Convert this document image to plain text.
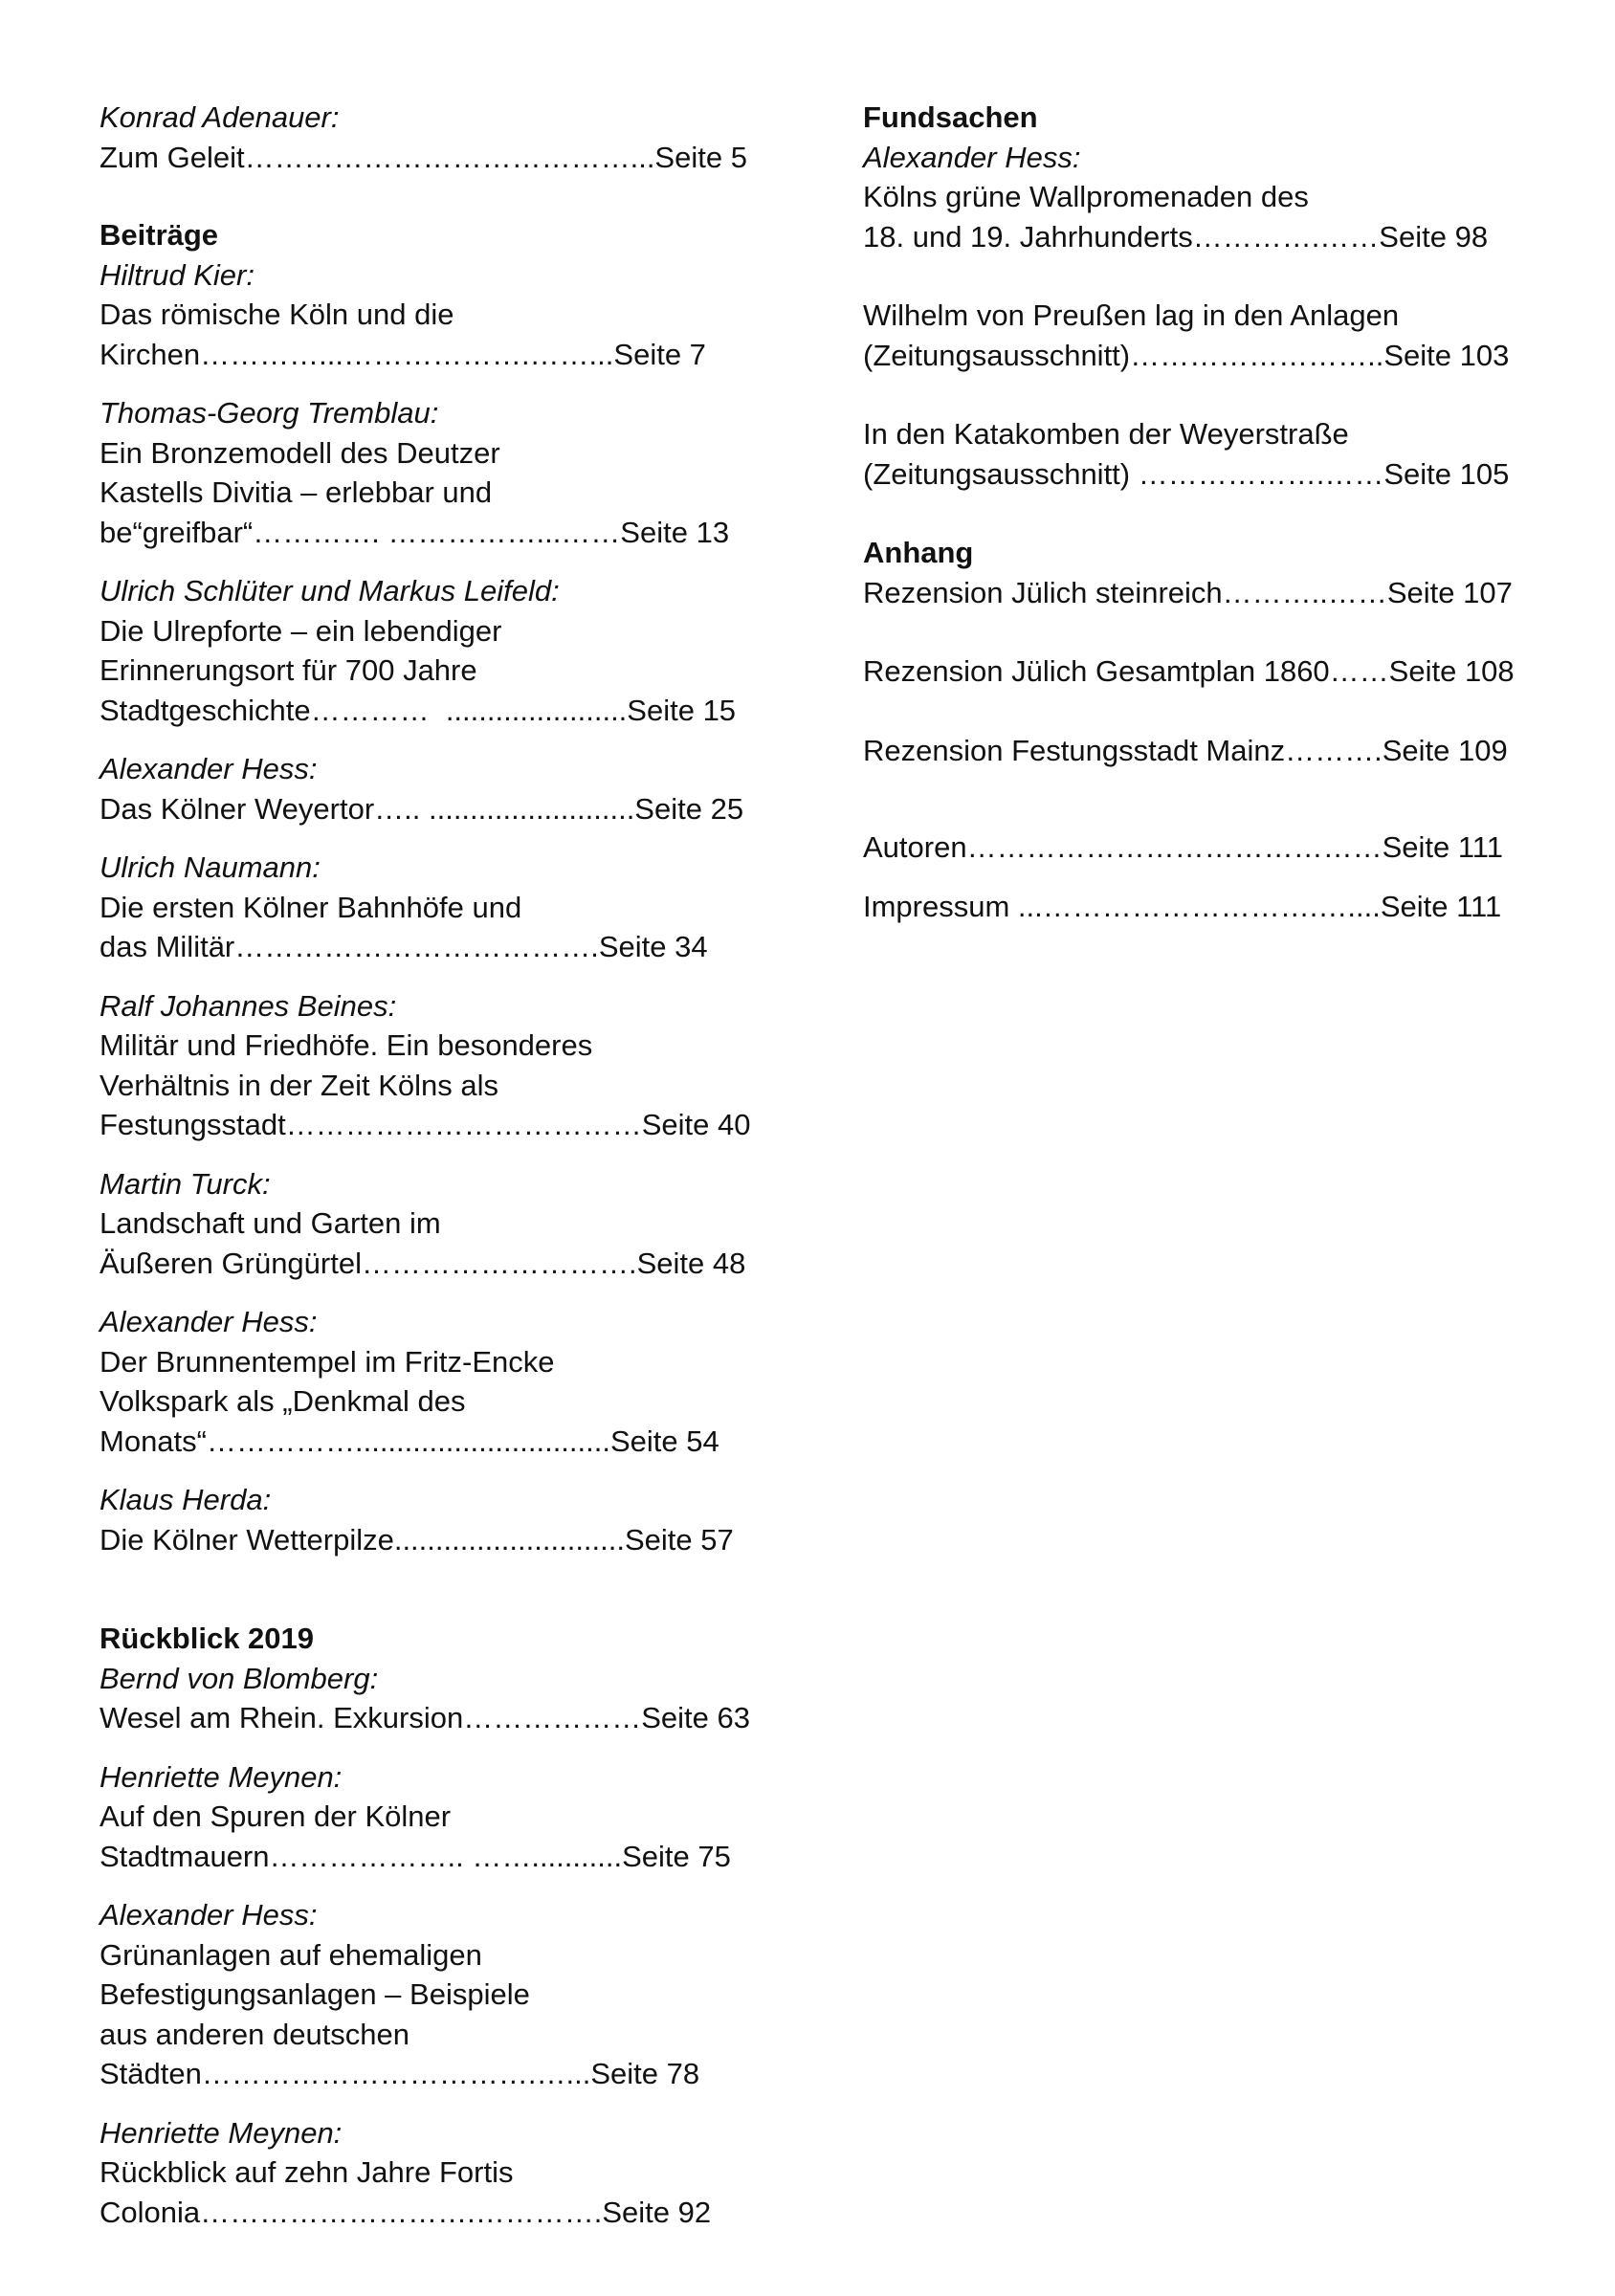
Konrad Adenauer:
Zum Geleit…………………………………...Seite 5
Beiträge
Hiltrud Kier:
Das römische Köln und die
Kirchen…………...……………….……...Seite 7
Thomas-Georg Tremblau:
Ein Bronzemodell des Deutzer
Kastells Divitia – erlebbar und
be“greifbar“…………. ……………...……Seite 13
Ulrich Schlüter und Markus Leifeld:
Die Ulrepforte – ein lebendiger
Erinnerungsort für 700 Jahre
Stadtgeschichte…………  ......................Seite 15
Alexander Hess:
Das Kölner Weyertor….. .........................Seite 25
Ulrich Naumann:
Die ersten Kölner Bahnhöfe und
das Militär……………………………….Seite 34
Ralf Johannes Beines:
Militär und Friedhöfe. Ein besonderes
Verhältnis in der Zeit Kölns als
Festungsstadt………………………………Seite 40
Martin Turck:
Landschaft und Garten im
Äußeren Grüngürtel……………………….Seite 48
Alexander Hess:
Der Brunnentempel im Fritz-Encke
Volkspark als „Denkmal des
Monats“……………...............................Seite 54
Klaus Herda:
Die Kölner Wetterpilze............................Seite 57
Rückblick 2019
Bernd von Blomberg:
Wesel am Rhein. Exkursion………………Seite 63
Henriette Meynen:
Auf den Spuren der Kölner
Stadtmauern……………….. ……...........Seite 75
Alexander Hess:
Grünanlagen auf ehemaligen
Befestigungsanlagen – Beispiele
aus anderen deutschen
Städten…………………………….…...Seite 78
Henriette Meynen:
Rückblick auf zehn Jahre Fortis
Colonia……………………….………….Seite 92
Fundsachen
Alexander Hess:
Kölns grüne Wallpromenaden des
18. und 19. Jahrhunderts………….……Seite 98
Wilhelm von Preußen lag in den Anlagen
(Zeitungsausschnitt)……………………..Seite 103
In den Katakomben der Weyerstraße
(Zeitungsausschnitt) ……………….……Seite 105
Anhang
Rezension Jülich steinreich………..……Seite 107
Rezension Jülich Gesamtplan 1860……Seite 108
Rezension Festungsstadt Mainz……….Seite 109
Autoren……………………………………Seite 111
Impressum ...……………………….…....Seite 111
